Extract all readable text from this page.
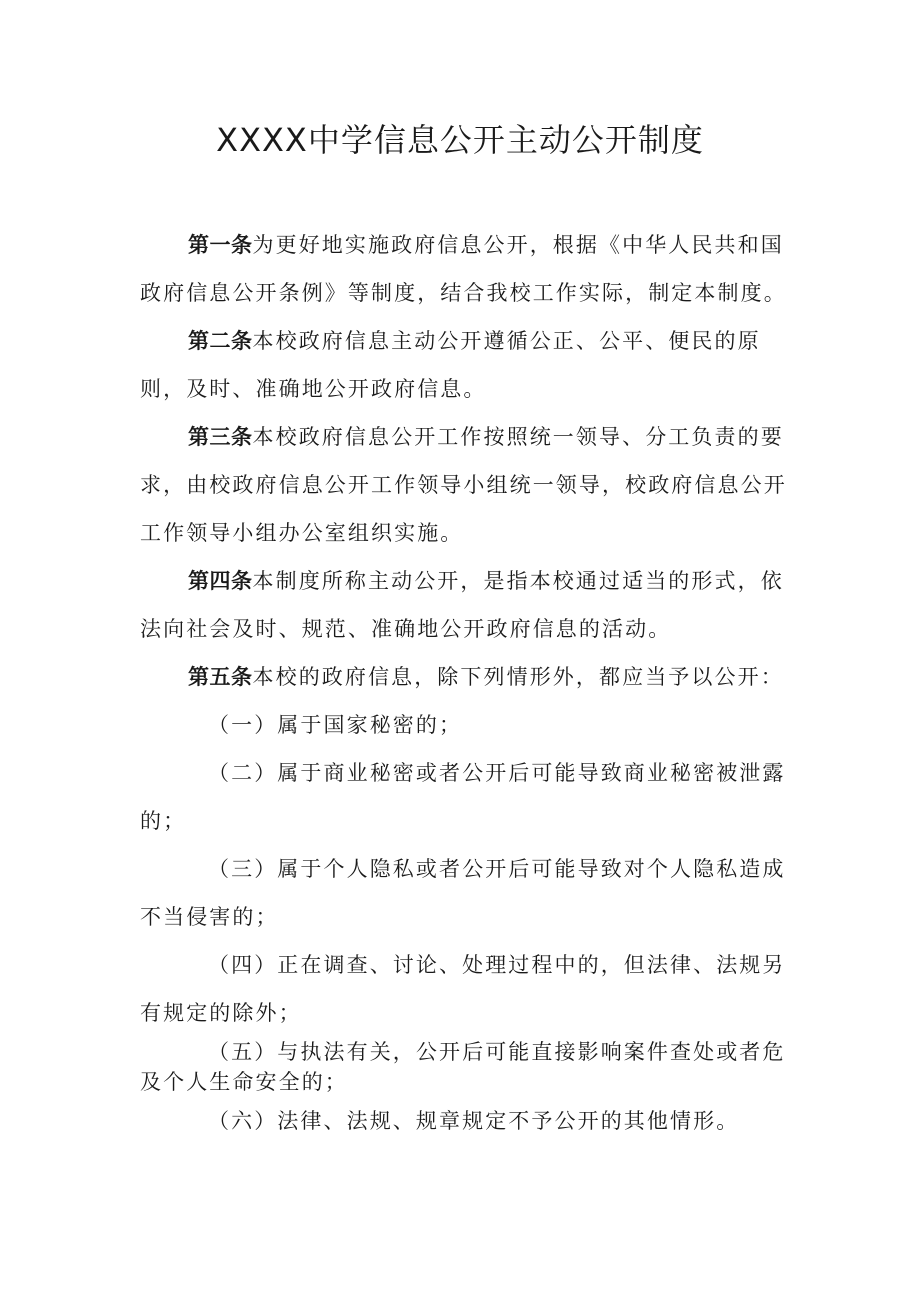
XXXX中学信息公开主动公开制度

第一条为更好地实施政府信息公开，根据《中华人民共和国政府信息公开条例》等制度，结合我校工作实际，制定本制度。

第二条本校政府信息主动公开遵循公正、公平、便民的原则，及时、准确地公开政府信息。

第三条本校政府信息公开工作按照统一领导、分工负责的要求，由校政府信息公开工作领导小组统一领导，校政府信息公开工作领导小组办公室组织实施。

第四条本制度所称主动公开，是指本校通过适当的形式，依法向社会及时、规范、准确地公开政府信息的活动。

第五条本校的政府信息，除下列情形外，都应当予以公开：

（一）属于国家秘密的；

（二）属于商业秘密或者公开后可能导致商业秘密被泄露的；

（三）属于个人隐私或者公开后可能导致对个人隐私造成不当侵害的；

（四）正在调查、讨论、处理过程中的，但法律、法规另有规定的除外；

（五）与执法有关，公开后可能直接影响案件查处或者危及个人生命安全的；

（六）法律、法规、规章规定不予公开的其他情形。
